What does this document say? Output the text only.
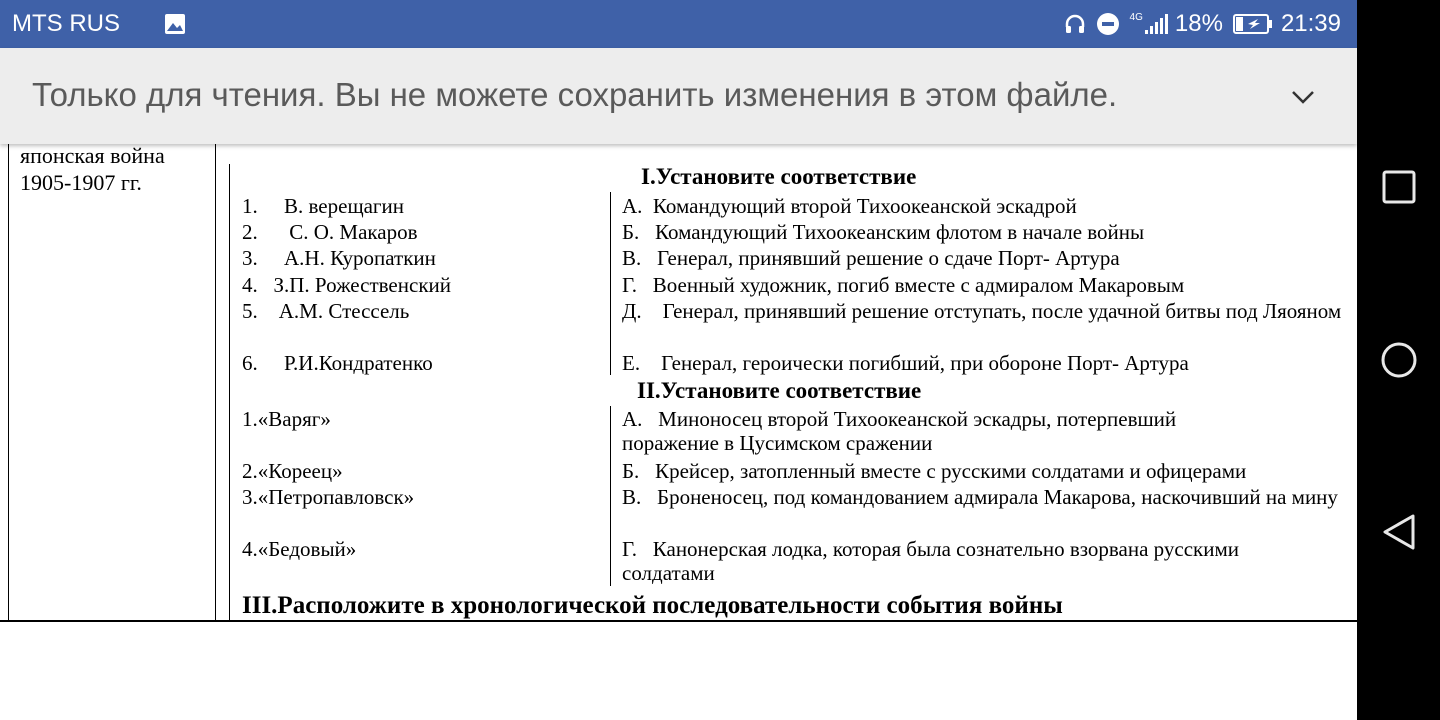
MTS RUS	4G 18% 21:39
Только для чтения. Вы не можете сохранить изменения в этом файле.
японская война
1905-1907 гг.	I.Установите соответствие
1.     В. верещагин	А.  Командующий второй Тихоокеанской эскадрой
2.      С. О. Макаров	Б.   Командующий Тихоокеанским флотом в начале войны
3.     А.Н. Куропаткин	В.   Генерал, принявший решение о сдаче Порт- Артура
4.   З.П. Рожественский	Г.   Военный художник, погиб вместе с адмиралом Макаровым
5.    А.М. Стессель	Д.    Генерал, принявший решение отступать, после удачной битвы под Ляояном
6.     Р.И.Кондратенко	Е.    Генерал, героически погибший, при обороне Порт- Артура
II.Установите соответствие
1.«Варяг»	А.   Миноносец второй Тихоокеанской эскадры, потерпевший поражение в Цусимском сражении
2.«Кореец»	Б.   Крейсер, затопленный вместе с русскими солдатами и офицерами
3.«Петропавловск»	В.   Броненосец, под командованием адмирала Макарова, наскочивший на мину
4.«Бедовый»	Г.   Канонерская лодка, которая была сознательно взорвана русскими солдатами
III.Расположите в хронологической последовательности события войны
